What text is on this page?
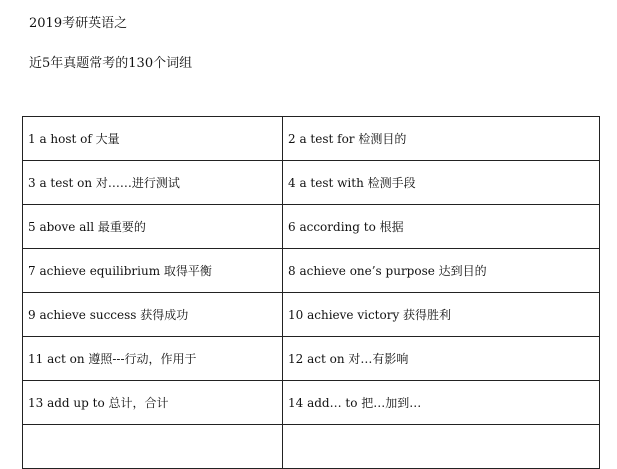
2019考研英语之
近5年真题常考的130个词组
1 a host of 大量	2 a test for 检测目的
3 a test on 对……进行测试	4 a test with 检测手段
5 above all 最重要的	6 according to 根据
7 achieve equilibrium 取得平衡	8 achieve one’s purpose 达到目的
9 achieve success 获得成功	10 achieve victory 获得胜利
11 act on 遵照---行动，作用于	12 act on 对…有影响
13 add up to 总计，合计	14 add… to 把…加到…
